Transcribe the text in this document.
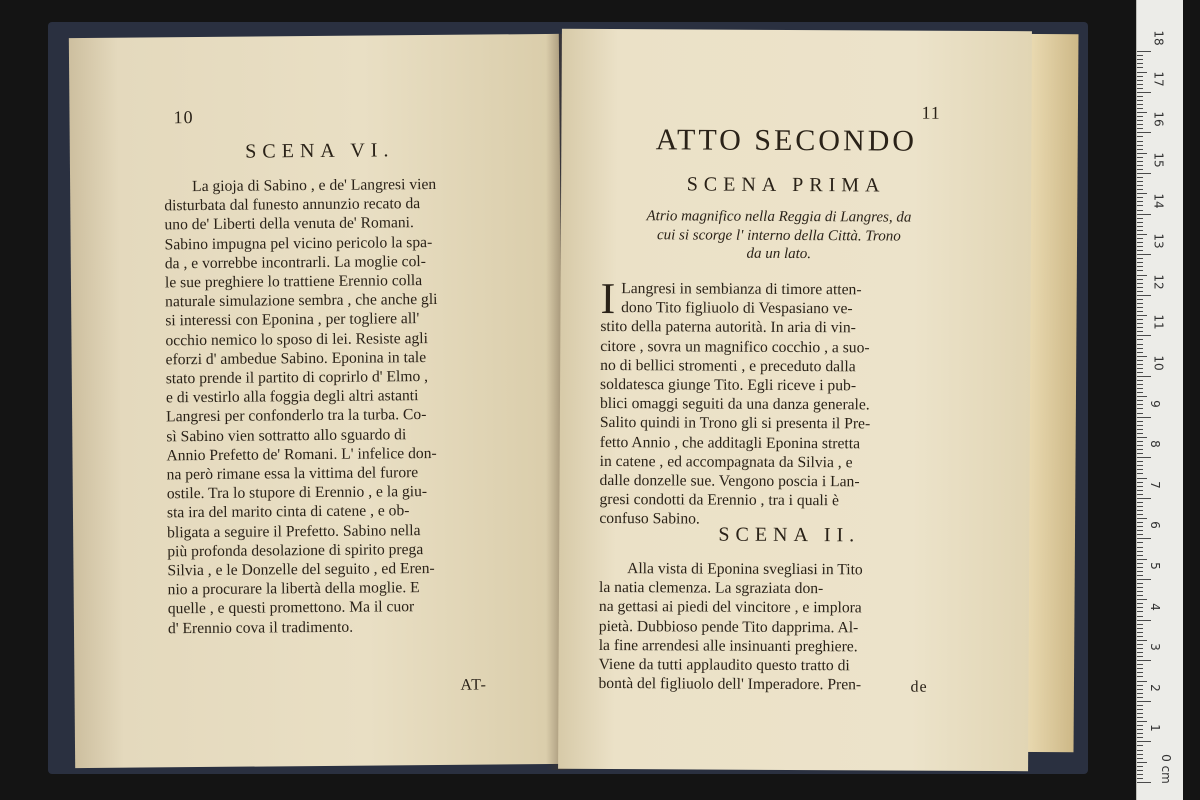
10
SCENA VI.
La gioja di Sabino , e de' Langresi vien
disturbata dal funesto annunzio recato da
uno de' Liberti della venuta de' Romani.
Sabino impugna pel vicino pericolo la spa-
da , e vorrebbe incontrarli. La moglie col-
le sue preghiere lo trattiene Erennio colla
naturale simulazione sembra , che anche gli
si interessi con Eponina , per togliere all'
occhio nemico lo sposo di lei. Resiste agli
eforzi d' ambedue Sabino. Eponina in tale
stato prende il partito di coprirlo d' Elmo ,
e di vestirlo alla foggia degli altri astanti
Langresi per confonderlo tra la turba. Co-
sì Sabino vien sottratto allo sguardo di
Annio Prefetto de' Romani. L' infelice don-
na però rimane essa la vittima del furore
ostile. Tra lo stupore di Erennio , e la giu-
sta ira del marito cinta di catene , e ob-
bligata a seguire il Prefetto. Sabino nella
più profonda desolazione di spirito prega
Silvia , e le Donzelle del seguito , ed Eren-
nio a procurare la libertà della moglie. E
quelle , e questi promettono. Ma il cuor
d' Erennio cova il tradimento.
AT-
11
ATTO SECONDO
SCENA PRIMA
Atrio magnifico nella Reggia di Langres, da
cui si scorge l' interno della Città. Trono
da un lato.
I Langresi in sembianza di timore atten-
dono Tito figliuolo di Vespasiano ve-
stito della paterna autorità. In aria di vin-
citore , sovra un magnifico cocchio , a suo-
no di bellici stromenti , e preceduto dalla
soldatesca giunge Tito. Egli riceve i pub-
blici omaggi seguiti da una danza generale.
Salito quindi in Trono gli si presenta il Pre-
fetto Annio , che additagli Eponina stretta
in catene , ed accompagnata da Silvia , e
dalle donzelle sue. Vengono poscia i Lan-
gresi condotti da Erennio , tra i quali è
confuso Sabino.
SCENA II.
Alla vista di Eponina svegliasi in Tito
la natia clemenza. La sgraziata don-
na gettasi ai piedi del vincitore , e implora
pietà. Dubbioso pende Tito dapprima. Al-
la fine arrendesi alle insinuanti preghiere.
Viene da tutti applaudito questo tratto di
bontà del figliuolo dell' Imperadore. Pren-	de
0 cm
1
2
3
4
5
6
7
8
9
10
11
12
13
14
15
16
17
18
